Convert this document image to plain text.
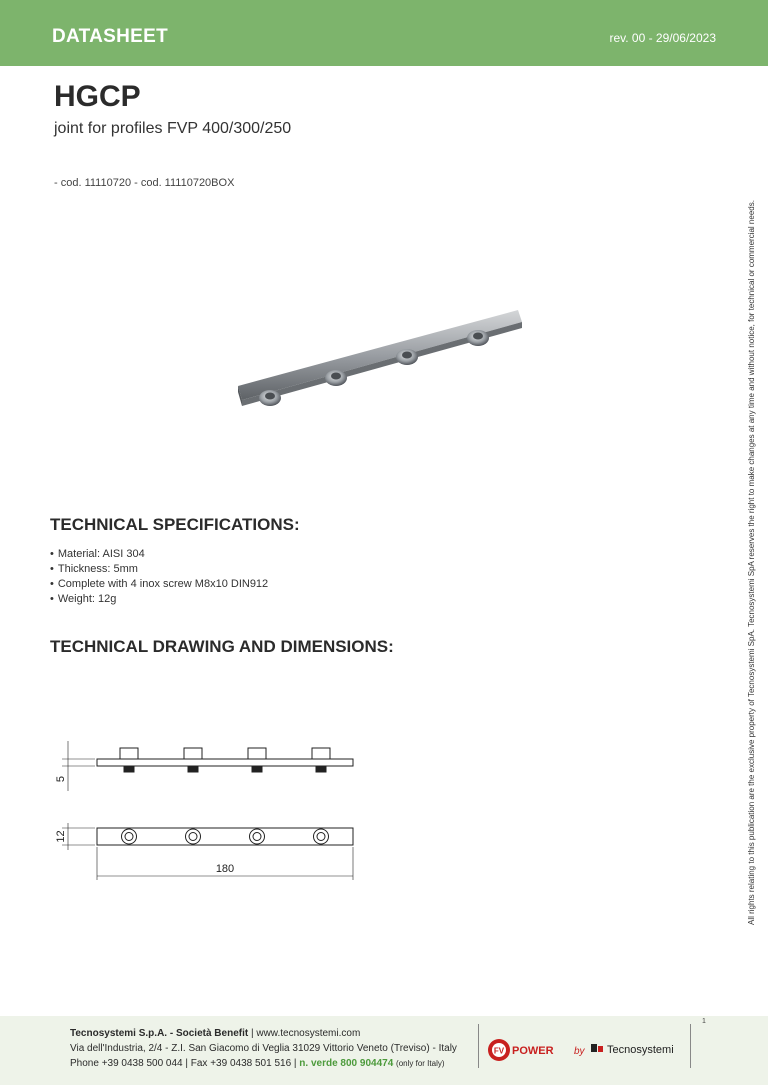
DATASHEET	rev. 00 - 29/06/2023
HGCP
joint for profiles FVP 400/300/250
- cod. 11110720 - cod. 11110720BOX
All rights relating to this publication are the exclusive property of Tecnosystemi SpA. Tecnosystemi SpA reserves the right to make changes at any time and without notice, for technical or commercial needs.
TECHNICAL SPECIFICATIONS:
• Material: AISI 304
• Thickness: 5mm
• Complete with 4 inox screw M8x10 DIN912
• Weight: 12g
TECHNICAL DRAWING AND DIMENSIONS:
5
12
180
Tecnosystemi S.p.A. - Società Benefit | www.tecnosystemi.com
Via dell'Industria, 2/4 - Z.I. San Giacomo di Veglia 31029 Vittorio Veneto (Treviso) - Italy
Phone +39 0438 500 044 | Fax +39 0438 501 516 | n. verde 800 904474 (only for Italy)
FV POWER by Tecnosystemi
1
